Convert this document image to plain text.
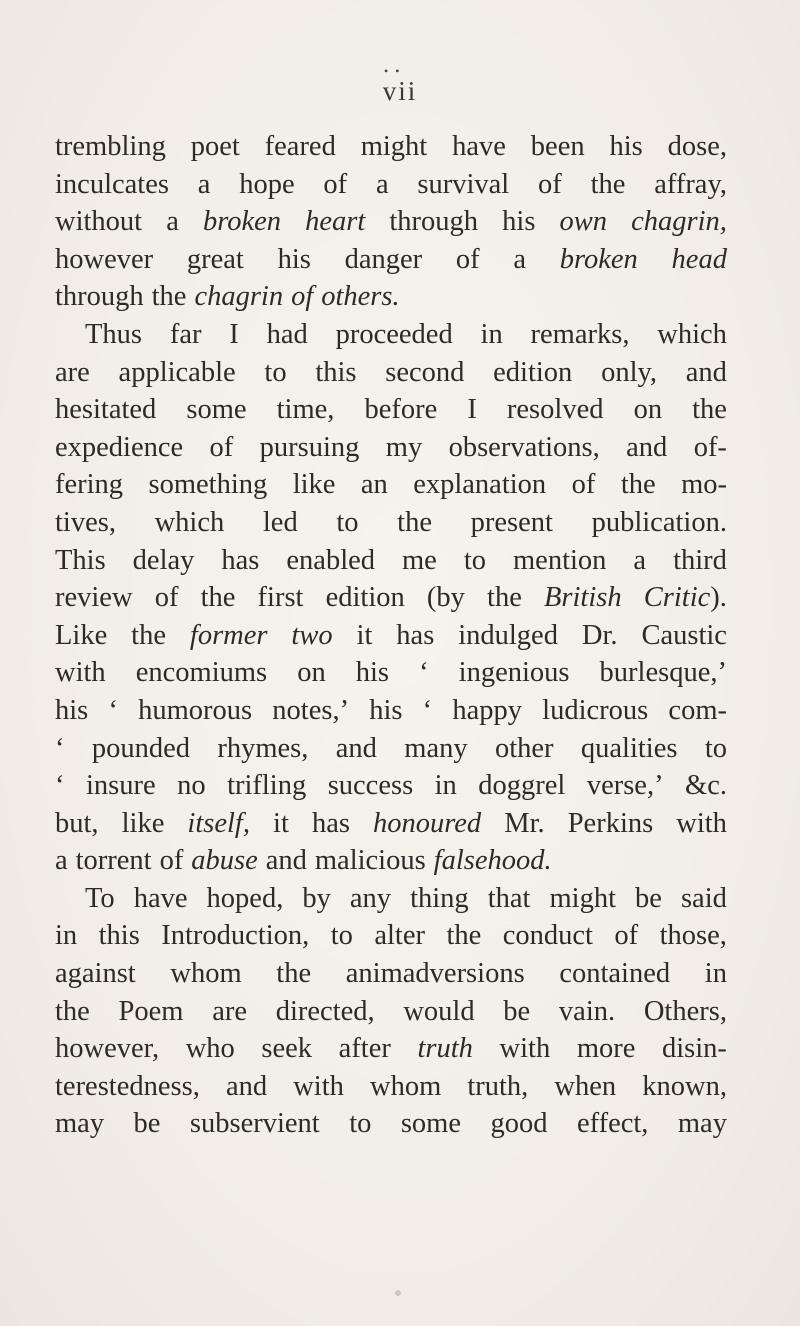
• •
vii
trembling poet feared might have been his dose,
inculcates a hope of a survival of the affray,
without a broken heart through his own chagrin,
however great his danger of a broken head
through the chagrin of others.
Thus far I had proceeded in remarks, which
are applicable to this second edition only, and
hesitated some time, before I resolved on the
expedience of pursuing my observations, and of-
fering something like an explanation of the mo-
tives, which led to the present publication.
This delay has enabled me to mention a third
review of the first edition (by the British Critic).
Like the former two it has indulged Dr. Caustic
with encomiums on his ‘ ingenious burlesque,’
his ‘ humorous notes,’ his ‘ happy ludicrous com-
‘ pounded rhymes, and many other qualities to
‘ insure no trifling success in doggrel verse,’ &c.
but, like itself, it has honoured Mr. Perkins with
a torrent of abuse and malicious falsehood.
To have hoped, by any thing that might be said
in this Introduction, to alter the conduct of those,
against whom the animadversions contained in
the Poem are directed, would be vain. Others,
however, who seek after truth with more disin-
terestedness, and with whom truth, when known,
may be subservient to some good effect, may
